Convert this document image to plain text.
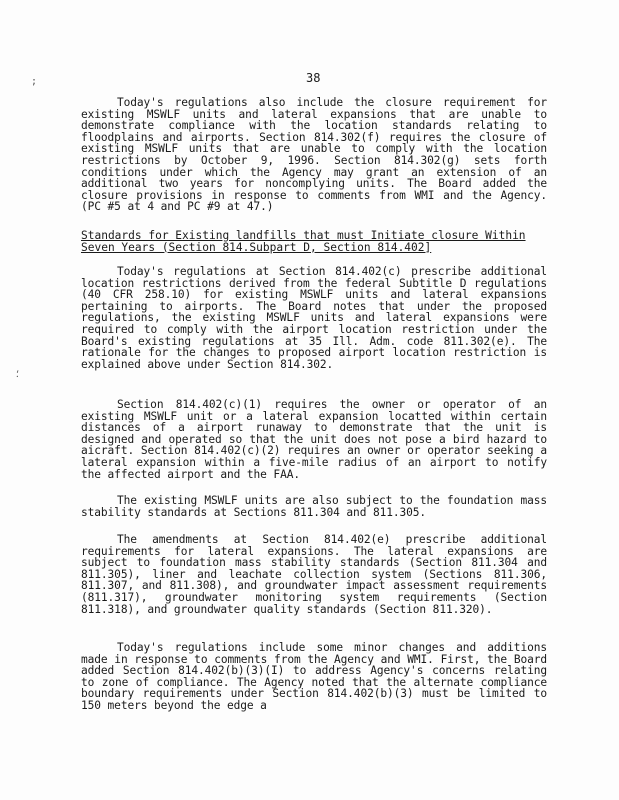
38
;
⸵

Today's regulations also include the closure requirement for existing MSWLF units and lateral expansions that are unable to demonstrate compliance with the location standards relating to floodplains and airports. Section 814.302(f) requires the closure of existing MSWLF units that are unable to comply with the location restrictions by October 9, 1996. Section 814.302(g) sets forth conditions under which the Agency may grant an extension of an additional two years for noncomplying units. The Board added the closure provisions in response to comments from WMI and the Agency. (PC #5 at 4 and PC #9 at 47.)

Standards for Existing landfills that must Initiate closure Within Seven Years (Section 814.Subpart D, Section 814.402]

Today's regulations at Section 814.402(c) prescribe additional location restrictions derived from the federal Subtitle D regulations (40 CFR 258.10) for existing MSWLF units and lateral expansions pertaining to airports. The Board notes that under the proposed regulations, the existing MSWLF units and lateral expansions were required to comply with the airport location restriction under the Board's existing regulations at 35 Ill. Adm. code 811.302(e). The rationale for the changes to proposed airport location restriction is explained above under Section 814.302.

Section 814.402(c)(1) requires the owner or operator of an existing MSWLF unit or a lateral expansion locatted within certain distances of a airport runaway to demonstrate that the unit is designed and operated so that the unit does not pose a bird hazard to aicraft. Section 814.402(c)(2) requires an owner or operator seeking a lateral expansion within a five-mile radius of an airport to notify the affected airport and the FAA.

The existing MSWLF units are also subject to the foundation mass stability standards at Sections 811.304 and 811.305.

The amendments at Section 814.402(e) prescribe additional requirements for lateral expansions. The lateral expansions are subject to foundation mass stability standards (Section 811.304 and 811.305), liner and leachate collection system (Sections 811.306, 811.307, and 811.308), and groundwater impact assessment requirements (811.317), groundwater monitoring system requirements (Section 811.318), and groundwater quality standards (Section 811.320).

Today's regulations include some minor changes and additions made in response to comments from the Agency and WMI. First, the Board added Section 814.402(b)(3)(I) to address Agency's concerns relating to zone of compliance. The Agency noted that the alternate compliance boundary requirements under Section 814.402(b)(3) must be limited to 150 meters beyond the edge a
